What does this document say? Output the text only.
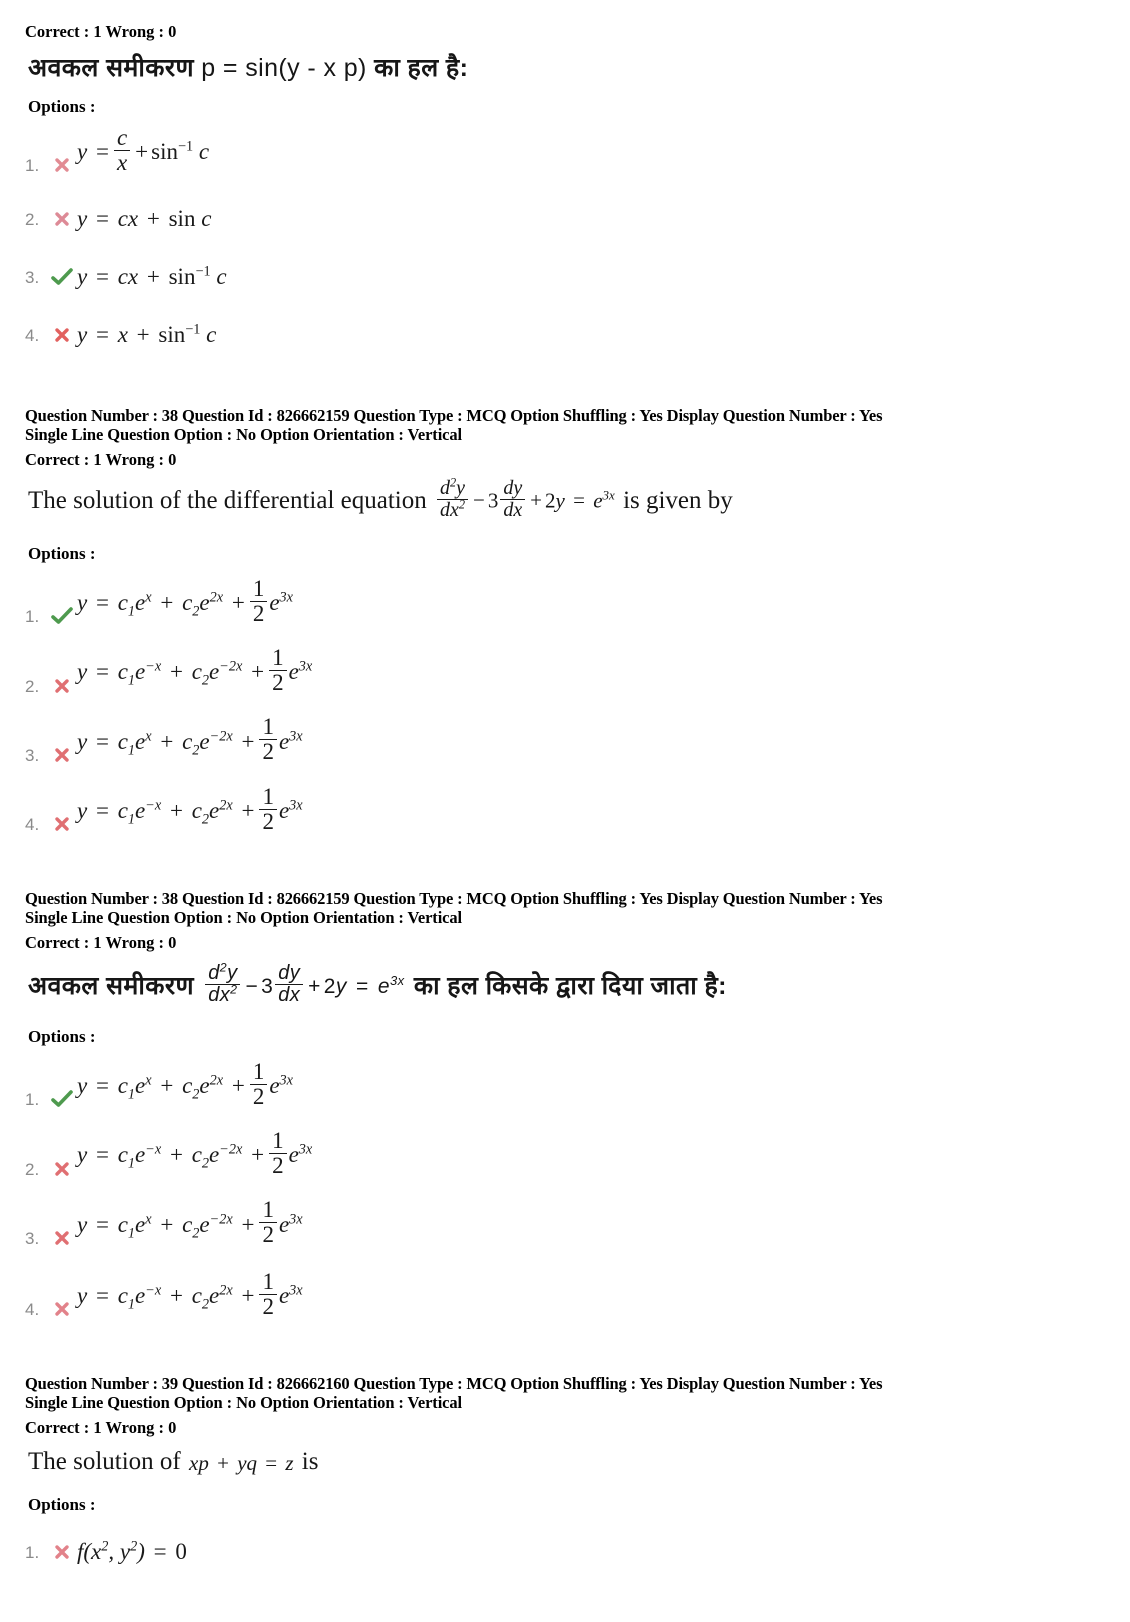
Correct : 1 Wrong : 0
अवकल समीकरण p = sin(y - x p) का हल है:
Options :
1.
$y = \frac{c}{x} + \sin^{-1} c$
2.	y = cx + sin c
3.	y = cx + $\sin^{-1} c$
4.	$y = x + \sin^{-1} c$
Question Number : 38 Question Id : 826662159 Question Type : MCQ Option Shuffling : Yes Display Question Number : Yes
Single Line Question Option : No Option Orientation : Vertical
Correct : 1 Wrong : 0
The solution of the differential equation $\frac{d^2y}{dx^2} - 3 \frac{dy}{dx} + 2y = e^{3x}$ is given by
Options :
1.
$y = c_1e^x + c_2e^{2x} + \frac{1}{2} e^{3x}$
2.
$y = c_1e^{-x} + c_2e^{-2x} + \frac{1}{2} e^{3x}$
3.
$y = c_1e^x + c_2e^{-2x} + \frac{1}{2} e^{3x}$
4.
$y = c_1e^{-x} + c_2e^{2x} + \frac{1}{2} e^{3x}$
Question Number : 38 Question Id : 826662159 Question Type : MCQ Option Shuffling : Yes Display Question Number : Yes
Single Line Question Option : No Option Orientation : Vertical
Correct : 1 Wrong : 0
अवकल समीकरण $\frac{d^2y}{dx^2} - 3 \frac{dy}{dx} + 2y = e^{3x}$ का हल किसके द्वारा दिया जाता है:
Options :
1.
$y = c_1e^x + c_2e^{2x} + \frac{1}{2} e^{3x}$
2.
$y = c_1e^{-x} + c_2e^{-2x} + \frac{1}{2} e^{3x}$
3.
$y = c_1e^x + c_2e^{-2x} + \frac{1}{2} e^{3x}$
4.
$y = c_1e^{-x} + c_2e^{2x} + \frac{1}{2} e^{3x}$
Question Number : 39 Question Id : 826662160 Question Type : MCQ Option Shuffling : Yes Display Question Number : Yes
Single Line Question Option : No Option Orientation : Vertical
Correct : 1 Wrong : 0
The solution of xp + yq = z is
Options :
1.	$f(x^2$, $y^2) = 0$
